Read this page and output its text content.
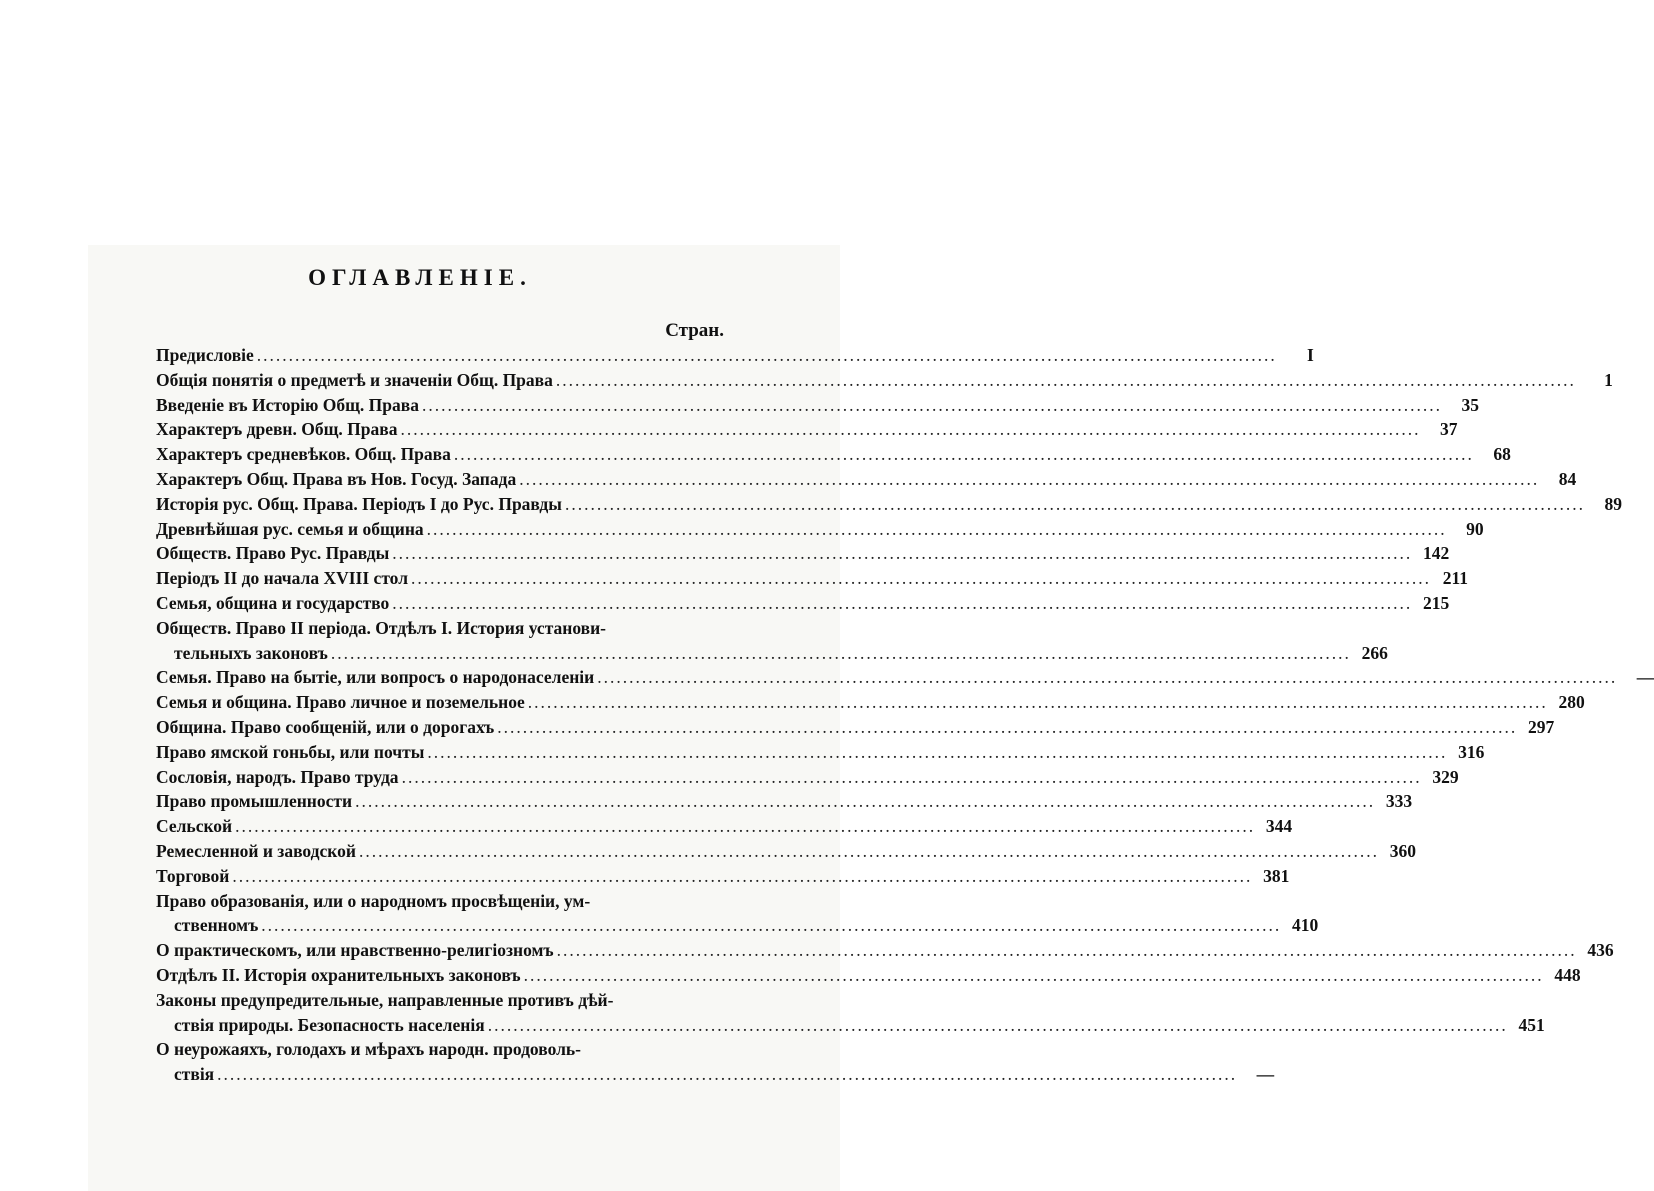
ОГЛАВЛЕНІЕ.
Стран.
Предисловіе .....	I
Общія понятія о предметѣ и значеніи Общ. Права .....	1
Введеніе въ Исторію Общ. Права .....	35
Характеръ древн. Общ. Права .....	37
Характеръ средневѣков. Общ. Права .....	68
Характеръ Общ. Права въ Нов. Госуд. Запада .....	84
Исторія рус. Общ. Права. Періодъ I до Рус. Правды .....	89
Древнѣйшая рус. семья и община .....	90
Обществ. Право Рус. Правды .....	142
Періодъ II до начала XVIII стол .....	211
Семья, община и государство .....	215
Обществ. Право II періода. Отдѣлъ I. История установи-
тельныхъ законовъ .....	266
Семья. Право на бытіе, или вопросъ о народонаселеніи .....	—
Семья и община. Право личное и поземельное .....	280
Община. Право сообщеній, или о дорогахъ .....	297
Право ямской гоньбы, или почты .....	316
Сословія, народъ. Право труда .....	329
Право промышленности .....	333
Сельской .....	344
Ремесленной и заводской .....	360
Торговой .....	381
Право образованія, или о народномъ просвѣщеніи, ум-
ственномъ .....	410
О практическомъ, или нравственно-религіозномъ .....	436
Отдѣлъ II. Исторія охранительныхъ законовъ .....	448
Законы предупредительные, направленные противъ дѣй-
ствія природы. Безопасность населенія .....	451
О неурожаяхъ, голодахъ и мѣрахъ народн. продоволь-
ствія .....	—
